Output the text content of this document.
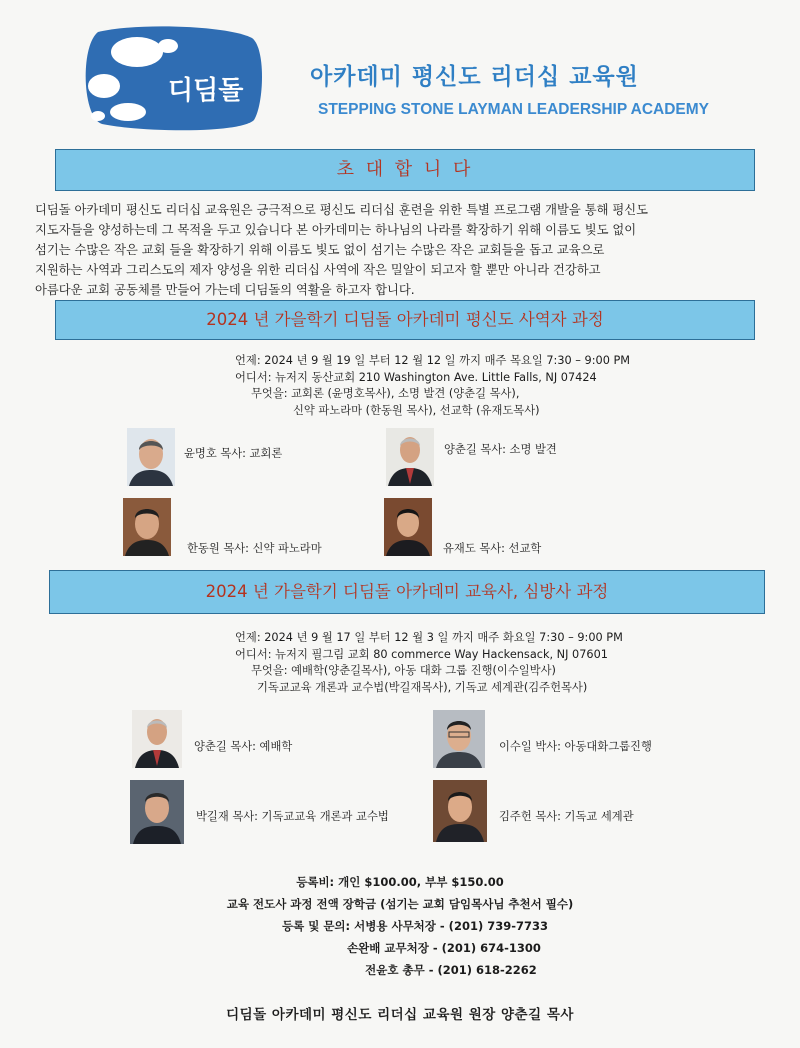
디딤돌	아카데미 평신도 리더십 교육원
STEPPING STONE LAYMAN LEADERSHIP ACADEMY
초 대 합 니 다
디딤돌 아카데미 평신도 리더십 교육원은 긍극적으로 평신도 리더십 훈련을 위한 특별 프로그램 개발을 통해 평신도
지도자들을 양성하는데 그 목적을 두고 있습니다 본 아카데미는 하나님의 나라를 확장하기 위해 이름도 빛도 없이
섬기는 수많은 작은 교회 들을 확장하기 위해 이름도 빛도 없이 섬기는 수많은 작은 교회들을 돕고 교육으로
지원하는 사역과 그리스도의 제자 양성을 위한 리더십 사역에 작은 밀알이 되고자 할 뿐만 아니라 건강하고
아름다운 교회 공동체를 만들어 가는데 디딤돌의 역활을 하고자 합니다.
2024 년 가을학기 디딤돌 아카데미 평신도 사역자 과정
언제: 2024 년 9 월 19 일 부터 12 월 12 일 까지 매주 목요일 7:30 – 9:00 PM
어디서: 뉴저지 동산교회 210 Washington Ave. Little Falls, NJ 07424
무엇을: 교회론 (윤명호목사), 소명 발견 (양춘길 목사),
신약 파노라마 (한동원 목사), 선교학 (유재도목사)
윤명호 목사: 교회론	양춘길 목사: 소명 발견
한동원 목사: 신약 파노라마	유재도 목사: 선교학
2024 년 가을학기 디딤돌 아카데미 교육사, 심방사 과정
언제: 2024 년 9 월 17 일 부터 12 월 3 일 까지 매주 화요일 7:30 – 9:00 PM
어디서: 뉴저지 필그림 교회 80 commerce Way Hackensack, NJ 07601
무엇을: 예배학(양춘길목사), 아동 대화 그룹 진행(이수일박사)
기독교교육 개론과 교수법(박길재목사), 기독교 세계관(김주헌목사)
양춘길 목사: 예배학	이수일 박사: 아동대화그룹진행
박길재 목사: 기독교교육 개론과 교수법	김주헌 목사: 기독교 세계관
등록비: 개인 $100.00, 부부 $150.00
교육 전도사 과정 전액 장학금 (섬기는 교회 담임목사님 추천서 필수)
등록 및 문의: 서병용 사무처장 - (201) 739-7733
손완배 교무처장 - (201) 674-1300
전윤호 총무 - (201) 618-2262
디딤돌 아카데미 평신도 리더십 교육원 원장 양춘길 목사
